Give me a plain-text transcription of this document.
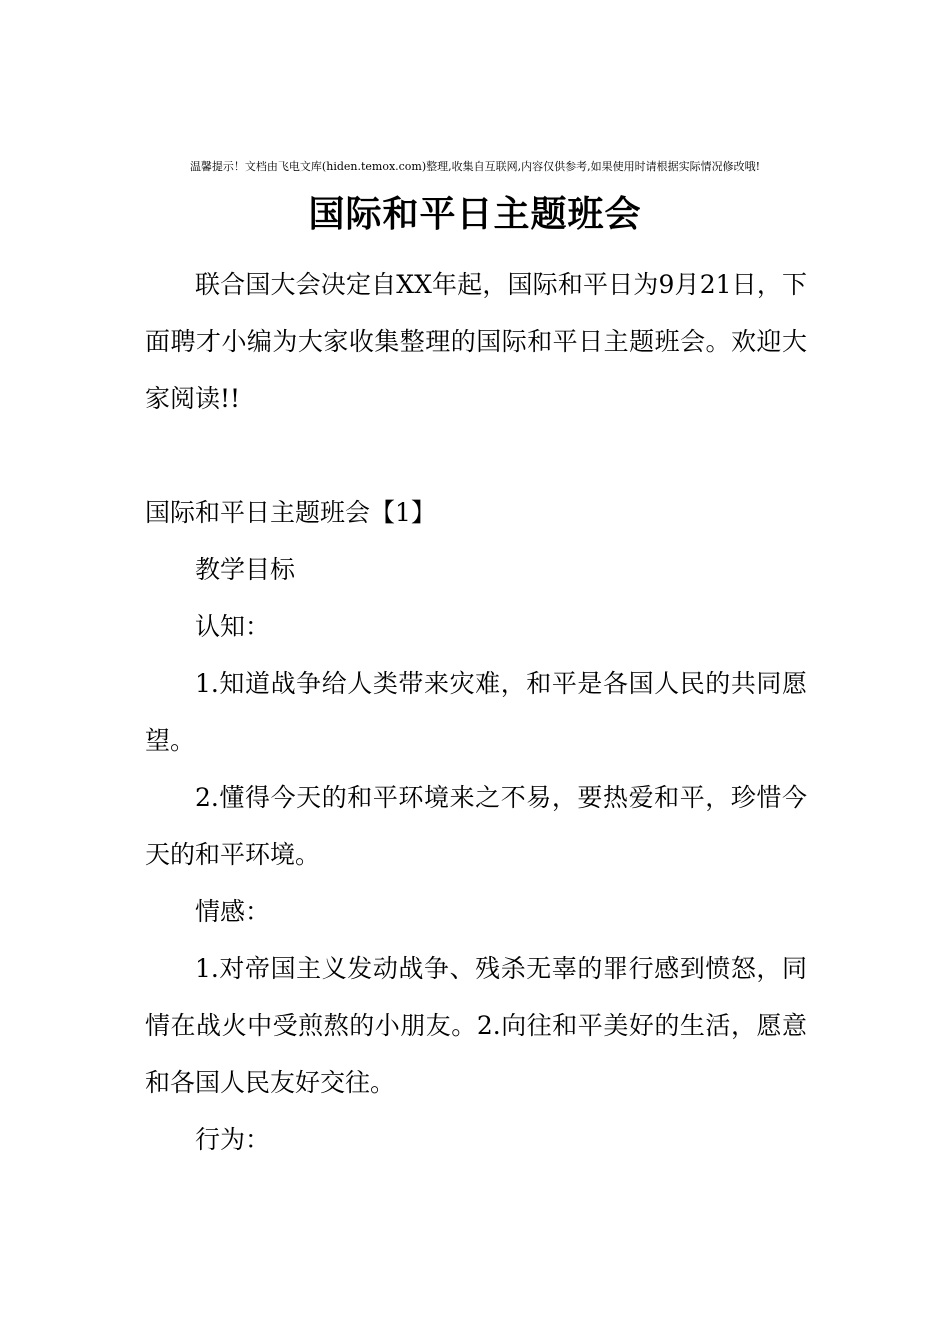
温馨提示！文档由飞电文库(hiden.temox.com)整理,收集自互联网,内容仅供参考,如果使用时请根据实际情况修改哦!
国际和平日主题班会

联合国大会决定自XX年起，国际和平日为9月21日，下面聘才小编为大家收集整理的国际和平日主题班会。欢迎大家阅读!!

国际和平日主题班会【1】

教学目标

认知：

1.知道战争给人类带来灾难，和平是各国人民的共同愿望。

2.懂得今天的和平环境来之不易，要热爱和平，珍惜今天的和平环境。

情感：

1.对帝国主义发动战争、残杀无辜的罪行感到愤怒，同情在战火中受煎熬的小朋友。2.向往和平美好的生活，愿意和各国人民友好交往。

行为：
